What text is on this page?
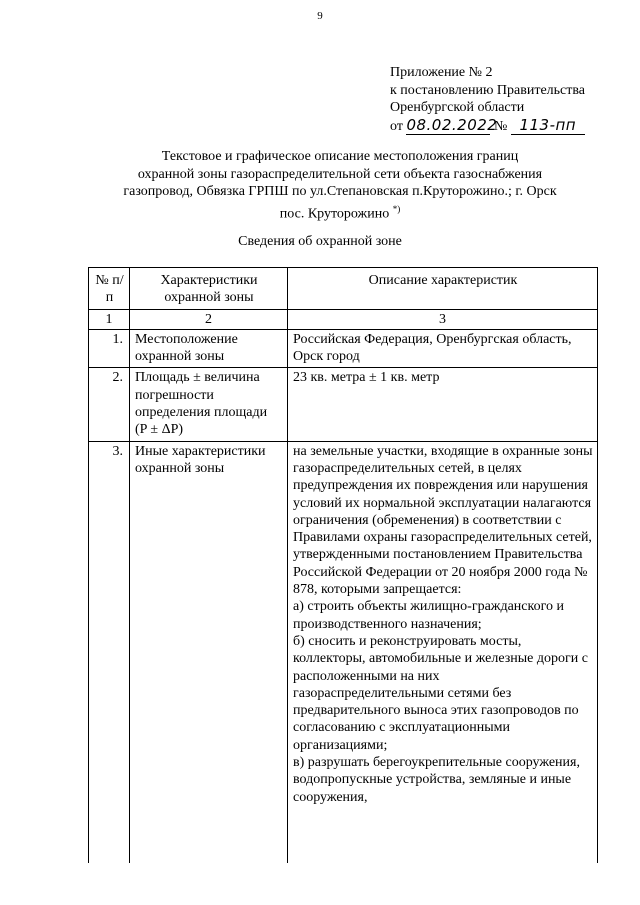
9
Приложение № 2
к постановлению Правительства
Оренбургской области
от 08.02.2022 № 113-пп
Текстовое и графическое описание местоположения границ
охранной зоны газораспределительной сети объекта газоснабжения
газопровод, Обвязка ГРПШ по ул.Степановская п.Круторожино.; г. Орск
пос. Круторожино *)
Сведения об охранной зоне
№ п/п	Характеристики охранной зоны	Описание характеристик
1	2	3
1.	Местоположение охранной зоны	Российская Федерация, Оренбургская область, Орск город
2.	Площадь ± величина погрешности определения площади (P ± ΔP)	23 кв. метра ± 1 кв. метр
3.	Иные характеристики охранной зоны	на земельные участки, входящие в охранные зоны газораспределительных сетей, в целях предупреждения их повреждения или нарушения условий их нормальной эксплуатации налагаются ограничения (обременения) в соответствии с Правилами охраны газораспределительных сетей, утвержденными постановлением Правительства Российской Федерации от 20 ноября 2000 года № 878, которыми запрещается:
а) строить объекты жилищно-гражданского и производственного назначения;
б) сносить и реконструировать мосты, коллекторы, автомобильные и железные дороги с расположенными на них газораспределительными сетями без предварительного выноса этих газопроводов по согласованию с эксплуатационными организациями;
в) разрушать берегоукрепительные сооружения, водопропускные устройства, земляные и иные сооружения,
